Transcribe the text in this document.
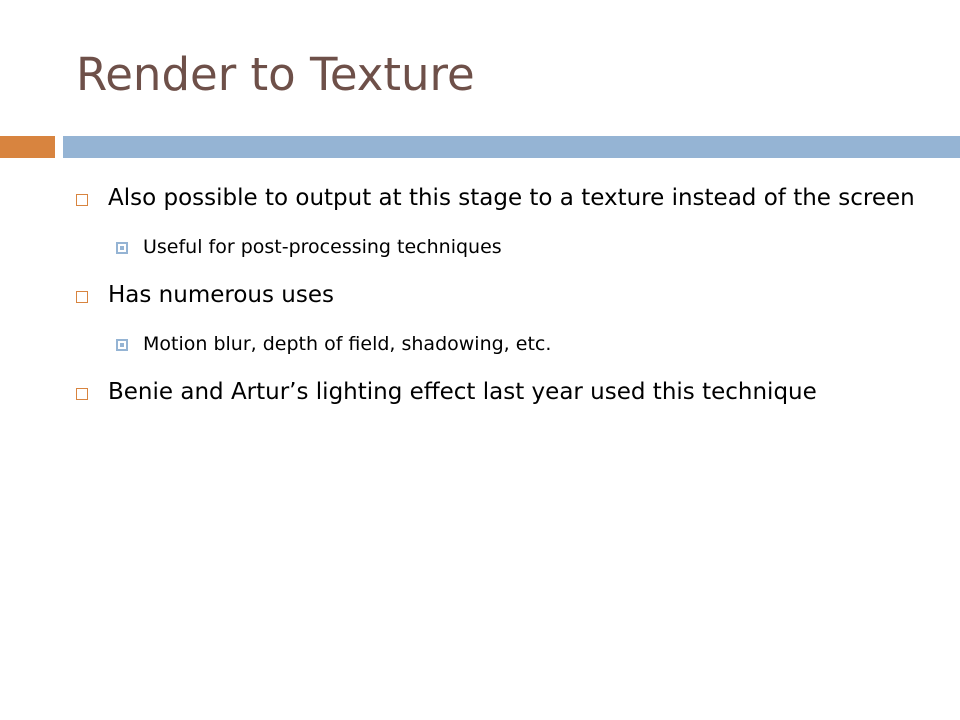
Render to Texture
Also possible to output at this stage to a texture instead of the screen
Useful for post-processing techniques
Has numerous uses
Motion blur, depth of field, shadowing, etc.
Benie and Artur’s lighting effect last year used this technique
